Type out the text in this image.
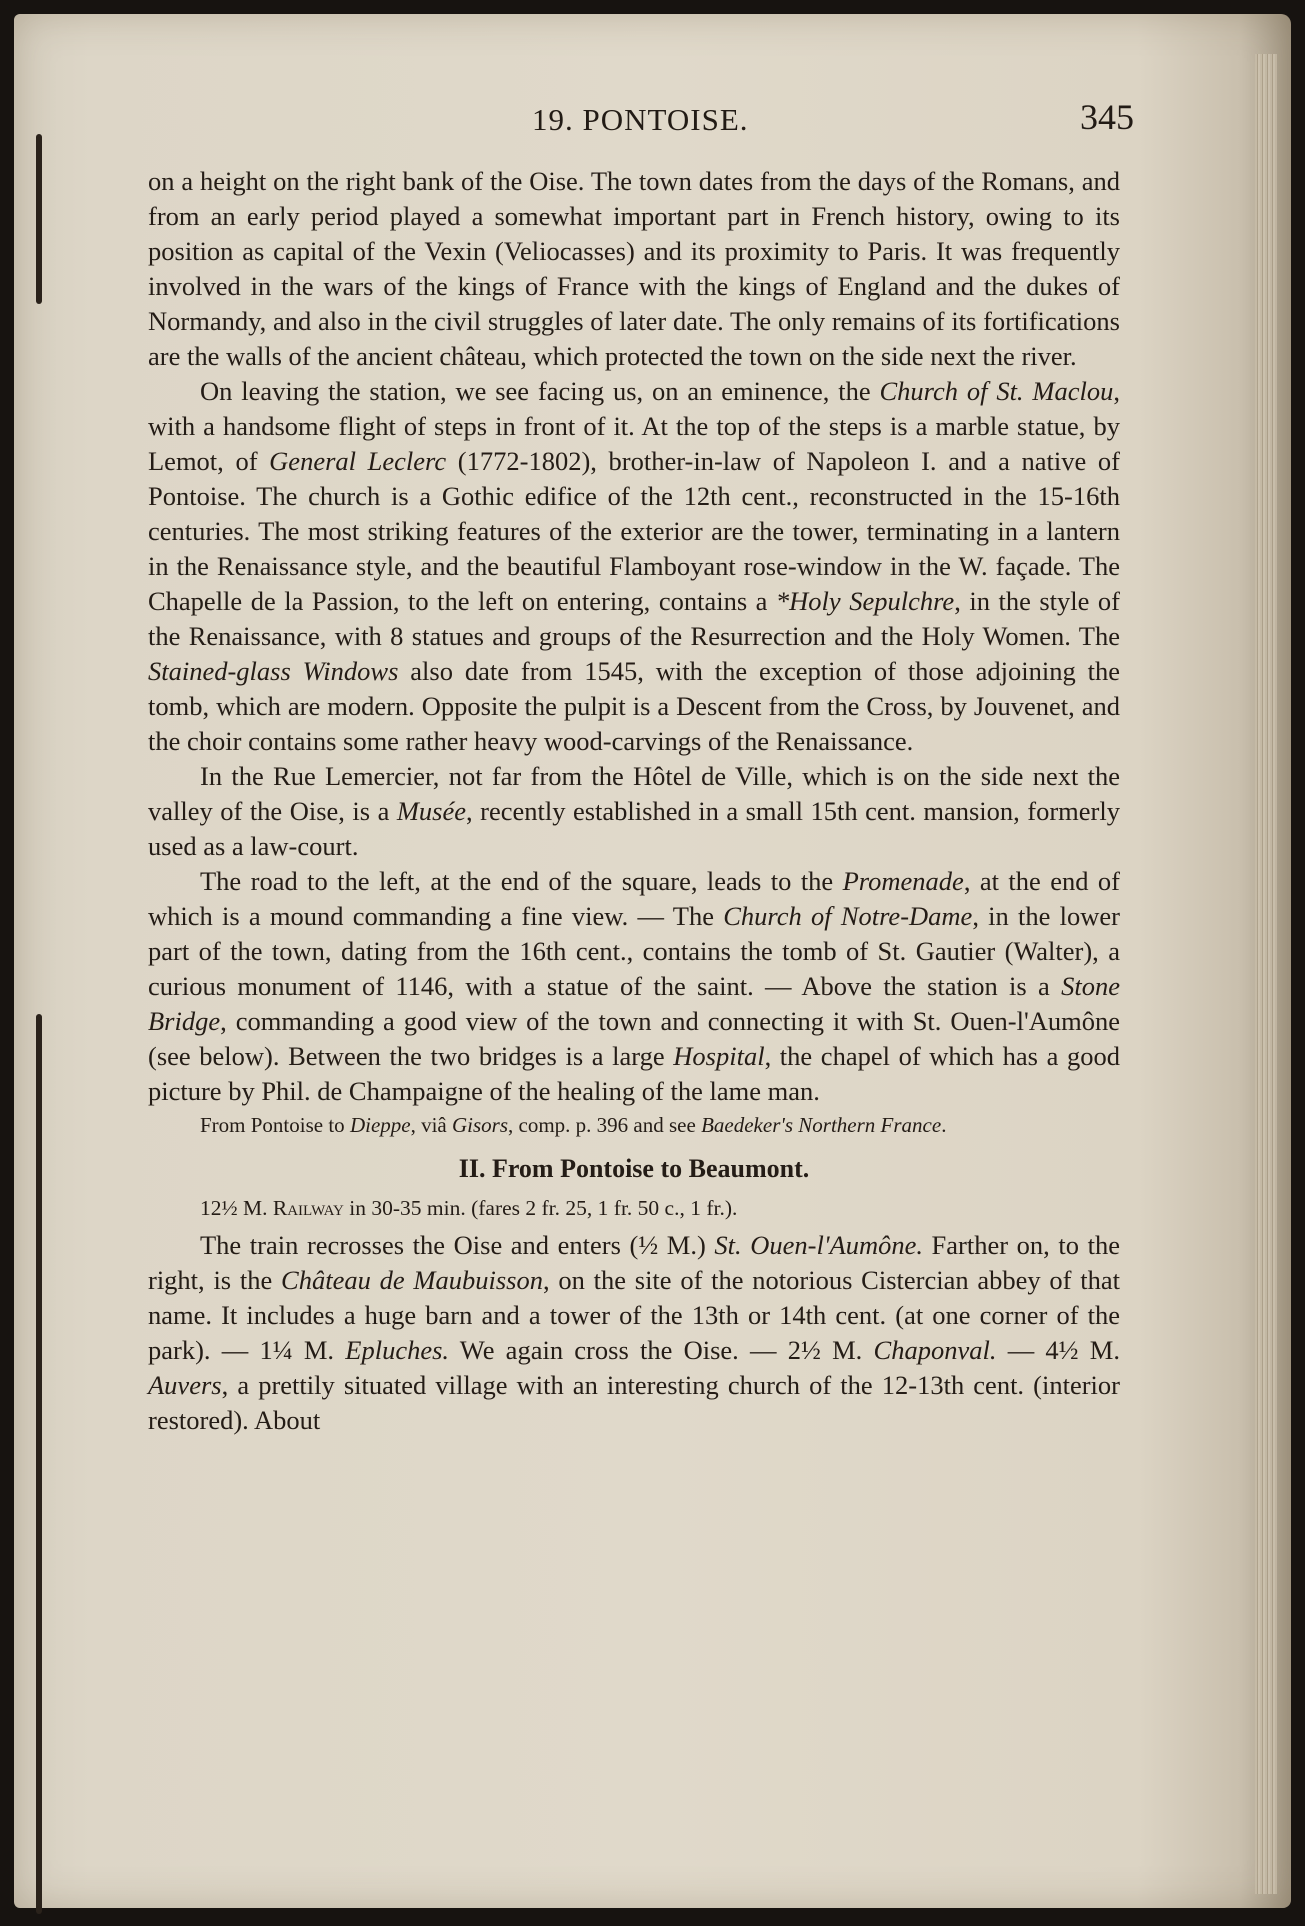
19. PONTOISE.	345

on a height on the right bank of the Oise. The town dates from the days of the Romans, and from an early period played a somewhat important part in French history, owing to its position as capital of the Vexin (Veliocasses) and its proximity to Paris. It was frequently involved in the wars of the kings of France with the kings of England and the dukes of Normandy, and also in the civil struggles of later date. The only remains of its fortifications are the walls of the ancient château, which protected the town on the side next the river.

On leaving the station, we see facing us, on an eminence, the Church of St. Maclou, with a handsome flight of steps in front of it. At the top of the steps is a marble statue, by Lemot, of General Leclerc (1772-1802), brother-in-law of Napoleon I. and a native of Pontoise. The church is a Gothic edifice of the 12th cent., reconstructed in the 15-16th centuries. The most striking features of the exterior are the tower, terminating in a lantern in the Renaissance style, and the beautiful Flamboyant rose-window in the W. façade. The Chapelle de la Passion, to the left on entering, contains a *Holy Sepulchre, in the style of the Renaissance, with 8 statues and groups of the Resurrection and the Holy Women. The Stained-glass Windows also date from 1545, with the exception of those adjoining the tomb, which are modern. Opposite the pulpit is a Descent from the Cross, by Jouvenet, and the choir contains some rather heavy wood-carvings of the Renaissance.

In the Rue Lemercier, not far from the Hôtel de Ville, which is on the side next the valley of the Oise, is a Musée, recently established in a small 15th cent. mansion, formerly used as a law-court.

The road to the left, at the end of the square, leads to the Promenade, at the end of which is a mound commanding a fine view. — The Church of Notre-Dame, in the lower part of the town, dating from the 16th cent., contains the tomb of St. Gautier (Walter), a curious monument of 1146, with a statue of the saint. — Above the station is a Stone Bridge, commanding a good view of the town and connecting it with St. Ouen-l'Aumône (see below). Between the two bridges is a large Hospital, the chapel of which has a good picture by Phil. de Champaigne of the healing of the lame man.

From Pontoise to Dieppe, viâ Gisors, comp. p. 396 and see Baedeker's Northern France.

II. From Pontoise to Beaumont.

12½ M. Railway in 30-35 min. (fares 2 fr. 25, 1 fr. 50 c., 1 fr.).

The train recrosses the Oise and enters (½ M.) St. Ouen-l'Aumône. Farther on, to the right, is the Château de Maubuisson, on the site of the notorious Cistercian abbey of that name. It includes a huge barn and a tower of the 13th or 14th cent. (at one corner of the park). — 1¼ M. Epluches. We again cross the Oise. — 2½ M. Chaponval. — 4½ M. Auvers, a prettily situated village with an interesting church of the 12-13th cent. (interior restored). About
